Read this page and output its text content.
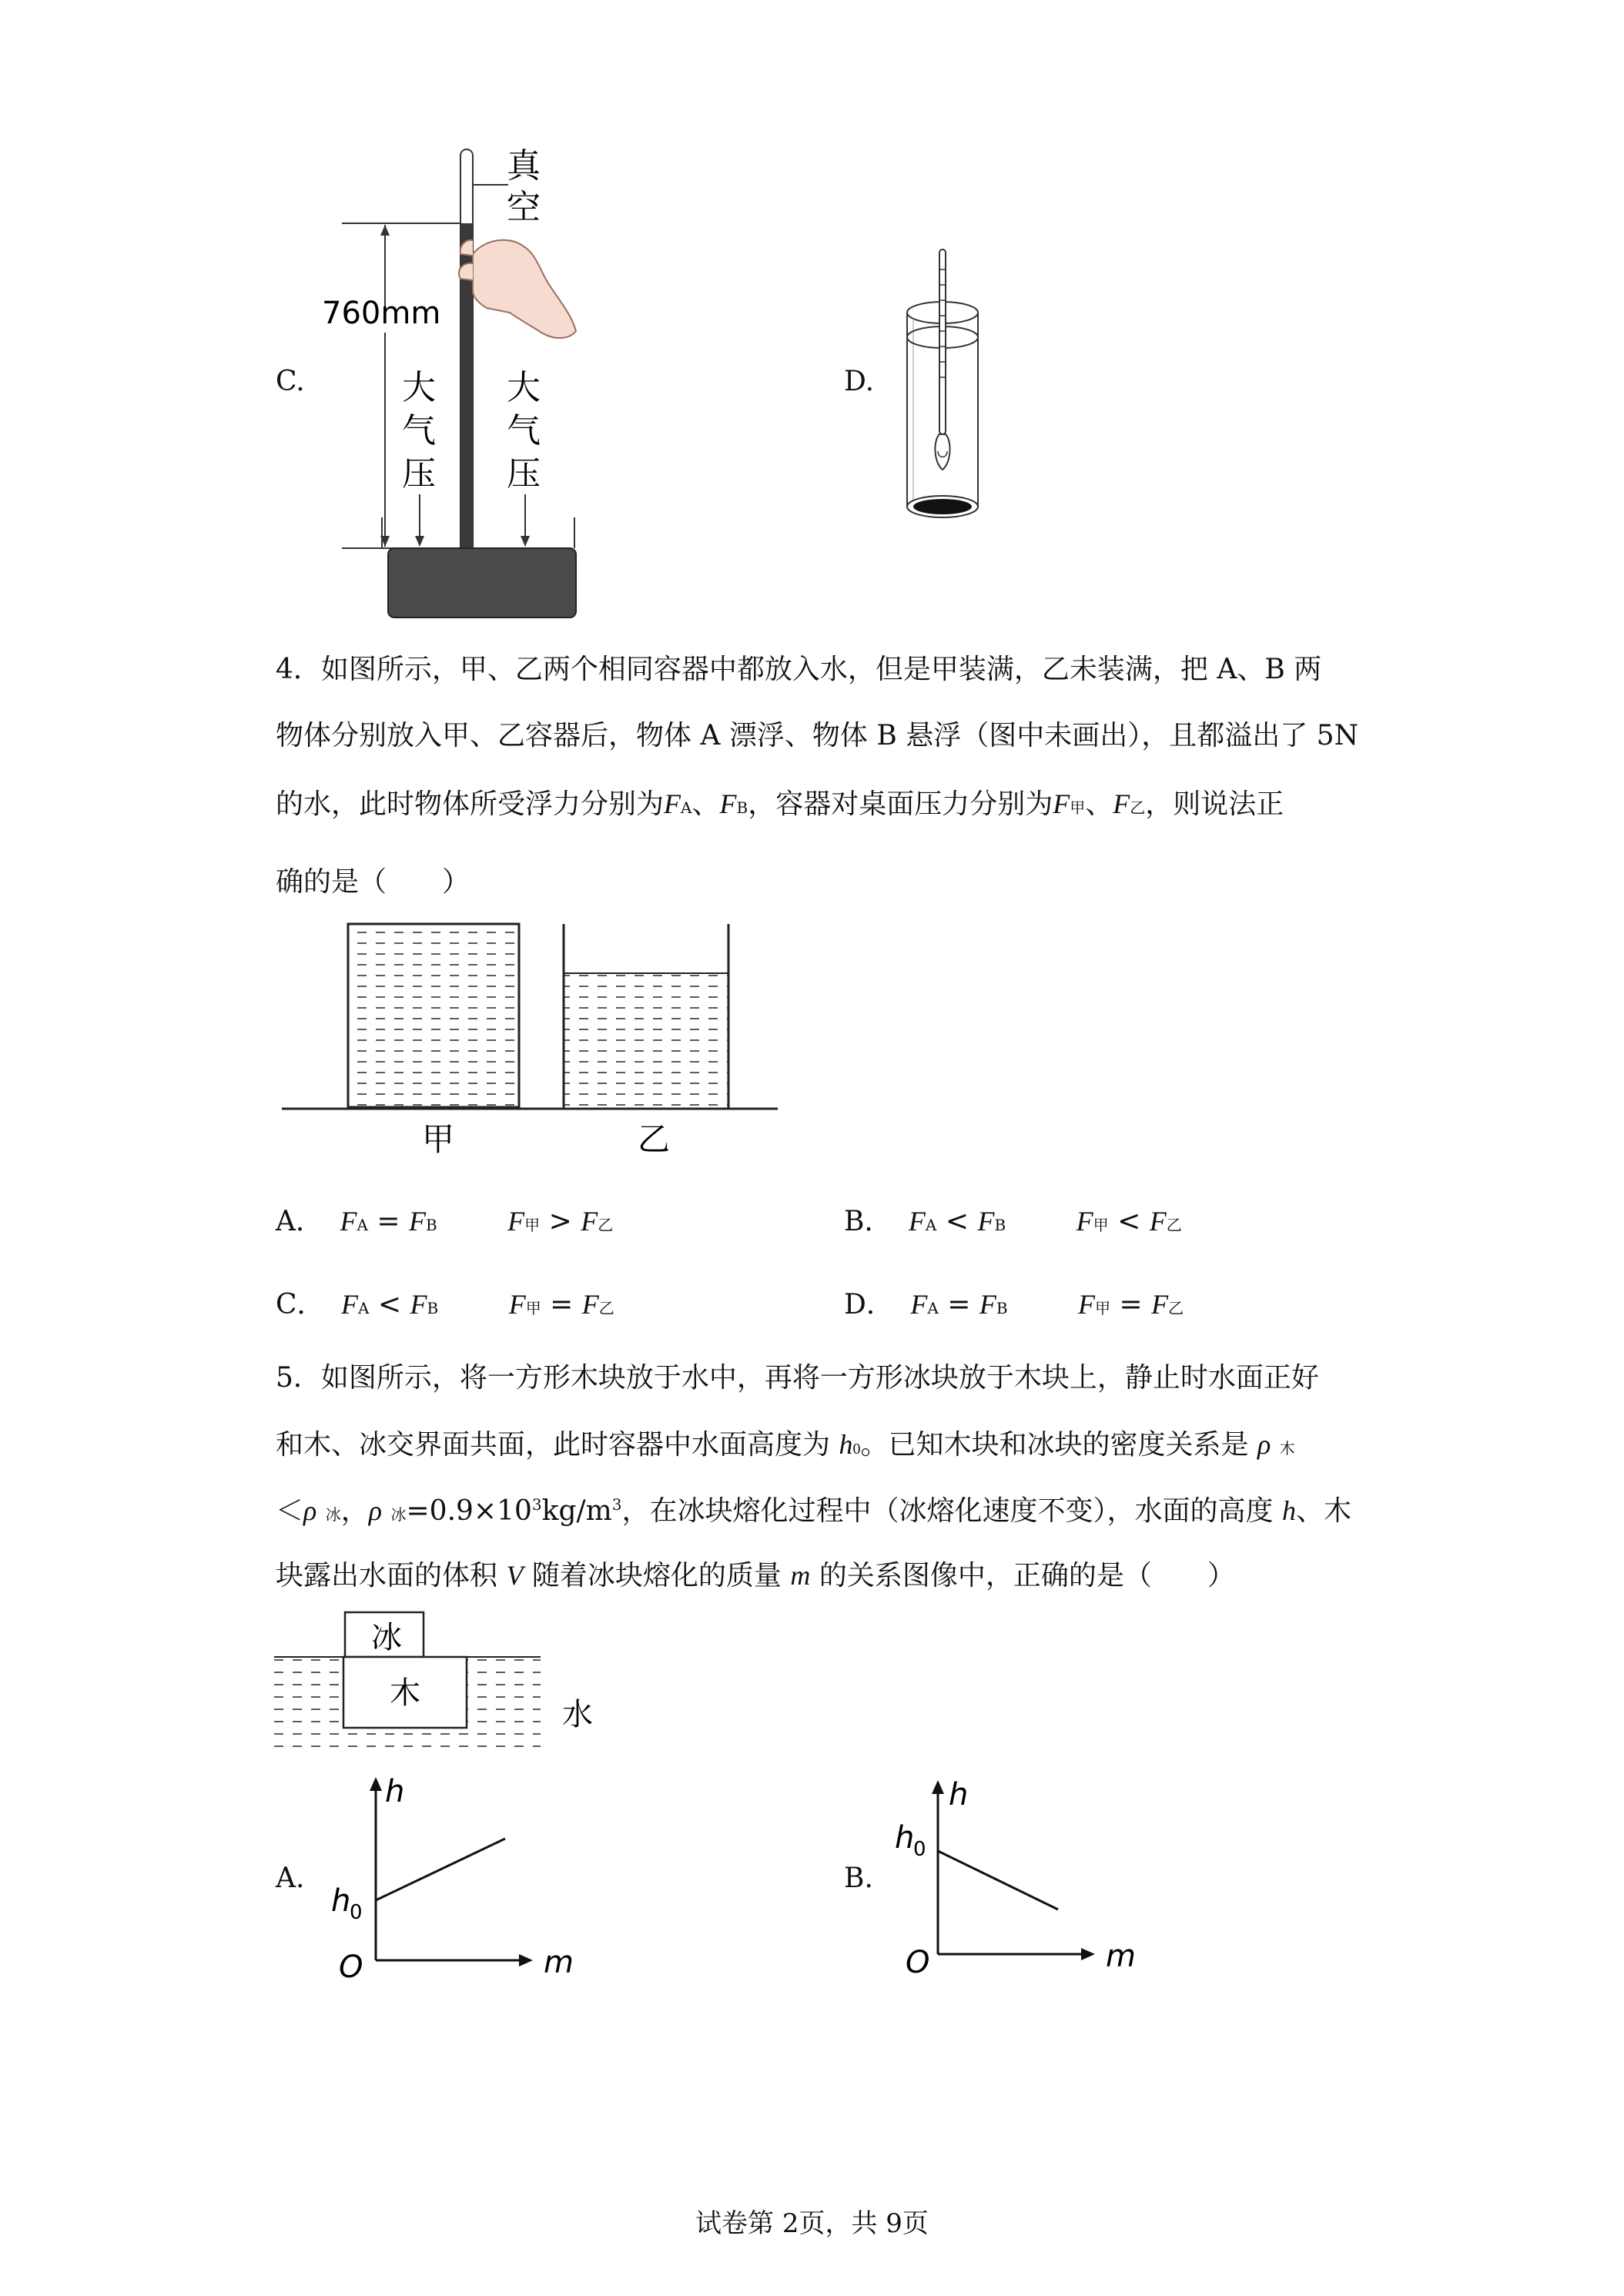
C.
真
空
760mm
大
气
压
大
气
压
D.
4．如图所示，甲、乙两个相同容器中都放入水，但是甲装满，乙未装满，把 A、B 两
物体分别放入甲、乙容器后，物体 A 漂浮、物体 B 悬浮（图中未画出），且都溢出了 5N
的水，此时物体所受浮力分别为FA、FB，容器对桌面压力分别为F甲、F乙，则说法正
确的是（　　）
甲	乙
A． FA = FB	F甲 > F乙	B． FA < FB	F甲 < F乙
C． FA < FB	F甲 = F乙	D． FA = FB	F甲 = F乙
5．如图所示，将一方形木块放于水中，再将一方形冰块放于木块上，静止时水面正好
和木、冰交界面共面，此时容器中水面高度为 h0。已知木块和冰块的密度关系是 ρ 木
＜ρ 冰，ρ 冰$=0.9\times 10^3kg/m^3$，在冰块熔化过程中（冰熔化速度不变），水面的高度 h、木
块露出水面的体积 V 随着冰块熔化的质量 m 的关系图像中，正确的是（　　）
冰
木
水
A.
h
m
O
h
0
B.
h
m
O
h
0
试卷第 2页，共 9页
